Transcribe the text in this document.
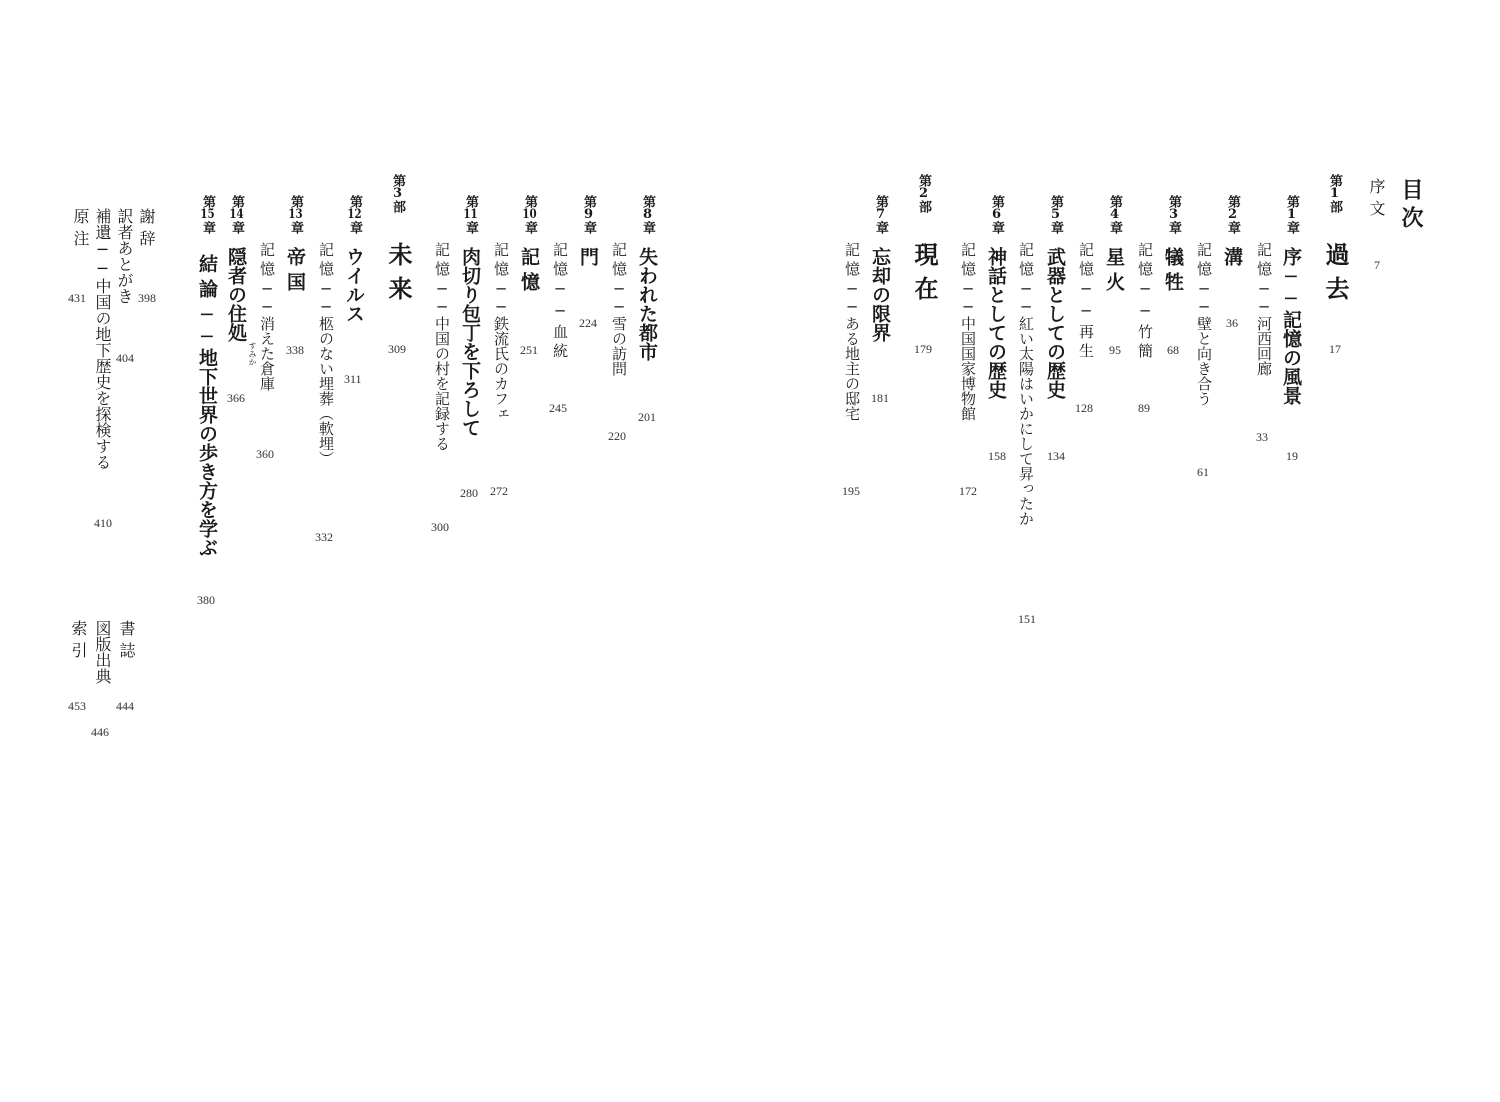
目次
序文
7
第1部
過去
17
第1章
序──記憶の風景
19
記憶──河西回廊
33
第2章
溝
36
記憶──壁と向き合う
61
第3章
犠牲
68
記憶──竹簡
89
第4章
星火
95
記憶──再生
128
第5章
武器としての歴史
134
記憶──紅い太陽はいかにして昇ったか
151
第6章
神話としての歴史
158
記憶──中国国家博物館
172
第2部
現在
179
第7章
忘却の限界
181
記憶──ある地主の邸宅
195
第8章
失われた都市
201
記憶──雪の訪問
220
第9章
門
224
記憶──血統
245
第10章
記憶
251
記憶──鉄流氏のカフェ
272
第11章
肉切り包丁を下ろして
280
記憶──中国の村を記録する
300
第3部
未来
309
第12章
ウイルス
311
記憶──柩のない埋葬（軟埋）
332
第13章
帝国
338
記憶──消えた倉庫
360
第14章
隠者の住処
すみか
366
第15章
結論──地下世界の歩き方を学ぶ
380
謝辞
398
訳者あとがき
404
補遺──中国の地下歴史を探検する
410
原注
431
書誌
444
図版出典
446
索引
453
